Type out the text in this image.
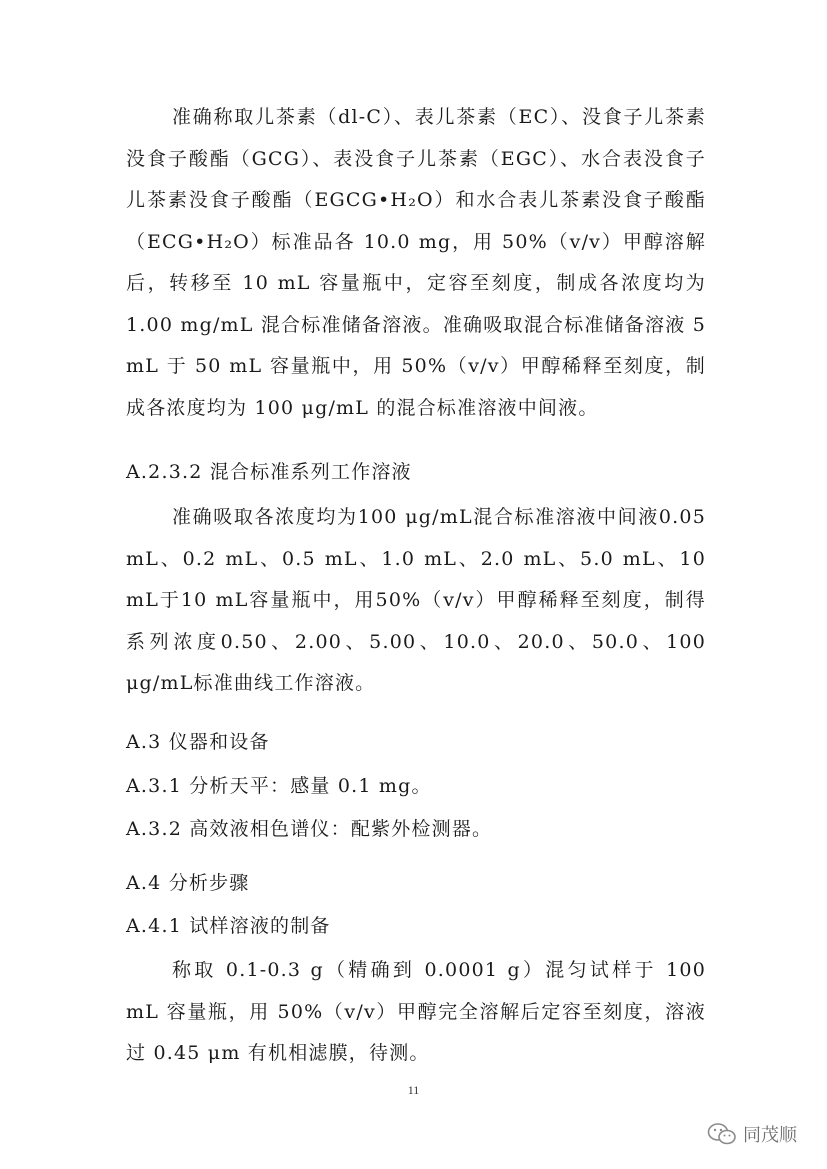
准确称取儿茶素（dl-C）、表儿茶素（EC）、没食子儿茶素没食子酸酯（GCG）、表没食子儿茶素（EGC）、水合表没食子儿茶素没食子酸酯（EGCG•H₂O）和水合表儿茶素没食子酸酯（ECG•H₂O）标准品各 10.0 mg，用 50%（v/v）甲醇溶解后，转移至 10 mL 容量瓶中，定容至刻度，制成各浓度均为 1.00 mg/mL 混合标准储备溶液。准确吸取混合标准储备溶液 5 mL 于 50 mL 容量瓶中，用 50%（v/v）甲醇稀释至刻度，制成各浓度均为 100 μg/mL 的混合标准溶液中间液。

A.2.3.2 混合标准系列工作溶液

准确吸取各浓度均为100 μg/mL混合标准溶液中间液0.05 mL、0.2 mL、0.5 mL、1.0 mL、2.0 mL、5.0 mL、10 mL于10 mL容量瓶中，用50%（v/v）甲醇稀释至刻度，制得系列浓度0.50、2.00、5.00、10.0、20.0、50.0、100 μg/mL标准曲线工作溶液。

A.3 仪器和设备
A.3.1 分析天平：感量 0.1 mg。
A.3.2 高效液相色谱仪：配紫外检测器。
A.4 分析步骤
A.4.1 试样溶液的制备

称取 0.1-0.3 g（精确到 0.0001 g）混匀试样于 100 mL 容量瓶，用 50%（v/v）甲醇完全溶解后定容至刻度，溶液过 0.45 μm 有机相滤膜，待测。

11
同茂顺
